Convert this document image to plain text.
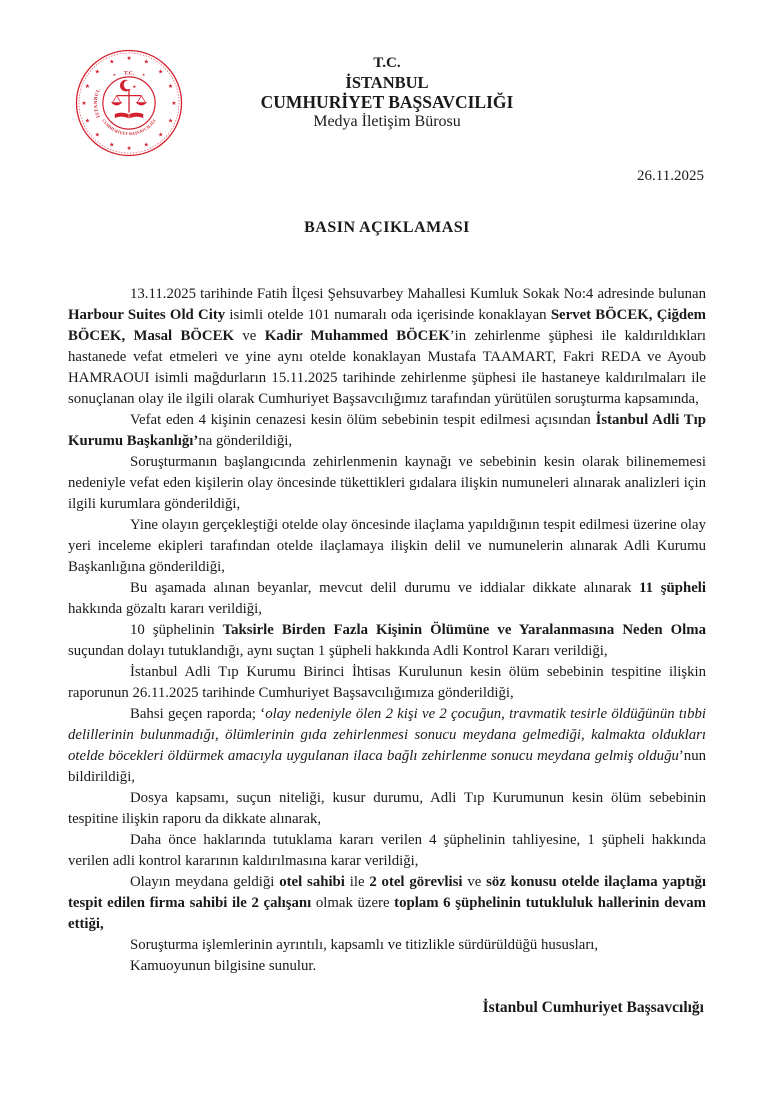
★
★
★
★
★
★
★
★
★
★
★
★ ★ ★
★
★
T.C.
★	★
İSTANBUL
CUMHURİYET BAŞSAVCILIĞI
★
T.C.
İSTANBUL
CUMHURİYET BAŞSAVCILIĞI
Medya İletişim Bürosu
26.11.2025
BASIN AÇIKLAMASI

13.11.2025 tarihinde Fatih İlçesi Şehsuvarbey Mahallesi Kumluk Sokak No:4 adresinde bulunan Harbour Suites Old City isimli otelde 101 numaralı oda içerisinde konaklayan Servet BÖCEK, Çiğdem BÖCEK, Masal BÖCEK ve Kadir Muhammed BÖCEK’in zehirlenme şüphesi ile kaldırıldıkları hastanede vefat etmeleri ve yine aynı otelde konaklayan Mustafa TAAMART, Fakri REDA ve Ayoub HAMRAOUI isimli mağdurların 15.11.2025 tarihinde zehirlenme şüphesi ile hastaneye kaldırılmaları ile sonuçlanan olay ile ilgili olarak Cumhuriyet Başsavcılığımız tarafından yürütülen soruşturma kapsamında,

Vefat eden 4 kişinin cenazesi kesin ölüm sebebinin tespit edilmesi açısından İstanbul Adli Tıp Kurumu Başkanlığı’na gönderildiği,

Soruşturmanın başlangıcında zehirlenmenin kaynağı ve sebebinin kesin olarak bilinememesi nedeniyle vefat eden kişilerin olay öncesinde tükettikleri gıdalara ilişkin numuneleri alınarak analizleri için ilgili kurumlara gönderildiği,

Yine olayın gerçekleştiği otelde olay öncesinde ilaçlama yapıldığının tespit edilmesi üzerine olay yeri inceleme ekipleri tarafından otelde ilaçlamaya ilişkin delil ve numunelerin alınarak Adli Kurumu Başkanlığına gönderildiği,

Bu aşamada alınan beyanlar, mevcut delil durumu ve iddialar dikkate alınarak 11 şüpheli hakkında gözaltı kararı verildiği,

10 şüphelinin Taksirle Birden Fazla Kişinin Ölümüne ve Yaralanmasına Neden Olma suçundan dolayı tutuklandığı, aynı suçtan 1 şüpheli hakkında Adli Kontrol Kararı verildiği,

İstanbul Adli Tıp Kurumu Birinci İhtisas Kurulunun kesin ölüm sebebinin tespitine ilişkin raporunun 26.11.2025 tarihinde Cumhuriyet Başsavcılığımıza gönderildiği,

Bahsi geçen raporda; ‘olay nedeniyle ölen 2 kişi ve 2 çocuğun, travmatik tesirle öldüğünün tıbbi delillerinin bulunmadığı, ölümlerinin gıda zehirlenmesi sonucu meydana gelmediği, kalmakta oldukları otelde böcekleri öldürmek amacıyla uygulanan ilaca bağlı zehirlenme sonucu meydana gelmiş olduğu’nun bildirildiği,

Dosya kapsamı, suçun niteliği, kusur durumu, Adli Tıp Kurumunun kesin ölüm sebebinin tespitine ilişkin raporu da dikkate alınarak,

Daha önce haklarında tutuklama kararı verilen 4 şüphelinin tahliyesine, 1 şüpheli hakkında verilen adli kontrol kararının kaldırılmasına karar verildiği,

Olayın meydana geldiği otel sahibi ile 2 otel görevlisi ve söz konusu otelde ilaçlama yaptığı tespit edilen firma sahibi ile 2 çalışanı olmak üzere toplam 6 şüphelinin tutukluluk hallerinin devam ettiği,

Soruşturma işlemlerinin ayrıntılı, kapsamlı ve titizlikle sürdürüldüğü hususları,

Kamuoyunun bilgisine sunulur.

İstanbul Cumhuriyet Başsavcılığı
